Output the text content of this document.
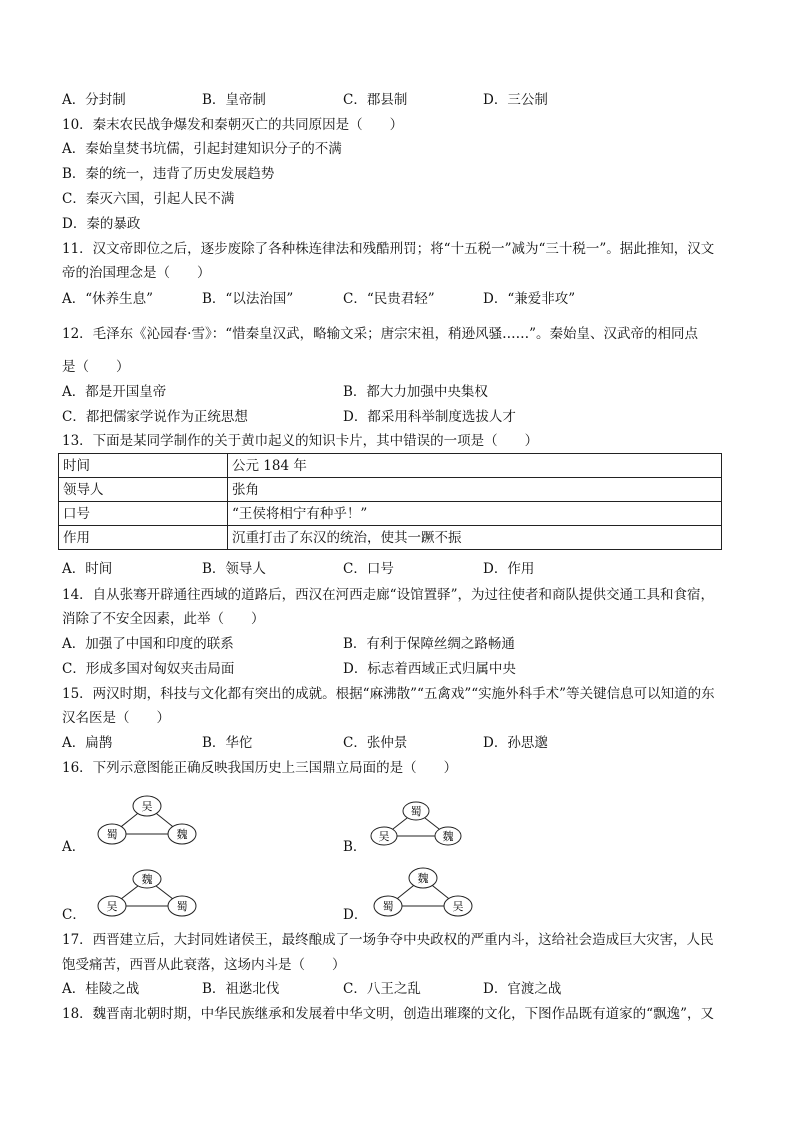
A．分封制	B．皇帝制	C．郡县制	D．三公制
10．秦末农民战争爆发和秦朝灭亡的共同原因是（　　）
A．秦始皇焚书坑儒，引起封建知识分子的不满
B．秦的统一，违背了历史发展趋势
C．秦灭六国，引起人民不满
D．秦的暴政
11．汉文帝即位之后，逐步废除了各种株连律法和残酷刑罚；将“十五税一”减为“三十税一”。据此推知，汉文
帝的治国理念是（　　）
A．“休养生息”	B．“以法治国”	C．“民贵君轻”	D．“兼爱非攻”
12．毛泽东《沁园春·雪》：“惜秦皇汉武，略输文采；唐宗宋祖，稍逊风骚……”。秦始皇、汉武帝的相同点
是（　　）
A．都是开国皇帝	B．都大力加强中央集权
C．都把儒家学说作为正统思想	D．都采用科举制度选拔人才
13．下面是某同学制作的关于黄巾起义的知识卡片，其中错误的一项是（　　）
时间	公元 184 年
领导人	张角
口号	“王侯将相宁有种乎！”
作用	沉重打击了东汉的统治，使其一蹶不振
A．时间	B．领导人	C．口号	D．作用
14．自从张骞开辟通往西域的道路后，西汉在河西走廊“设馆置驿”，为过往使者和商队提供交通工具和食宿，
消除了不安全因素，此举（　　）
A．加强了中国和印度的联系	B．有利于保障丝绸之路畅通
C．形成多国对匈奴夹击局面	D．标志着西域正式归属中央
15．两汉时期，科技与文化都有突出的成就。根据“麻沸散”“五禽戏”“实施外科手术”等关键信息可以知道的东
汉名医是（　　）
A．扁鹊	B．华佗	C．张仲景	D．孙思邈
16．下列示意图能正确反映我国历史上三国鼎立局面的是（　　）
A．
吴
蜀	魏
B．
蜀
吴	魏
C．
魏
吴	蜀
D．
魏
蜀	吴
17．西晋建立后，大封同姓诸侯王，最终酿成了一场争夺中央政权的严重内斗，这给社会造成巨大灾害，人民
饱受痛苦，西晋从此衰落，这场内斗是（　　）
A．桂陵之战	B．祖逖北伐	C．八王之乱	D．官渡之战
18．魏晋南北朝时期，中华民族继承和发展着中华文明，创造出璀璨的文化，下图作品既有道家的“飘逸”，又
